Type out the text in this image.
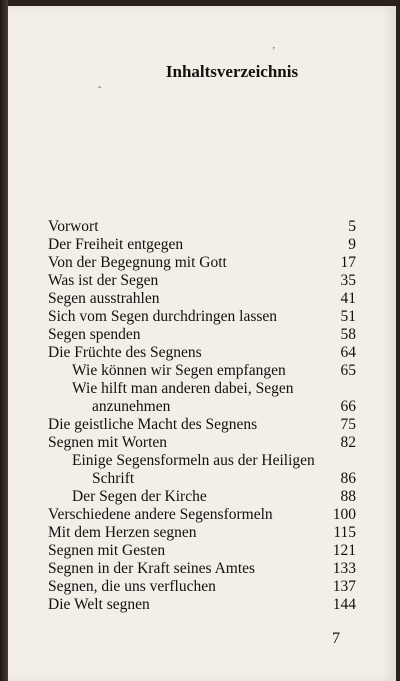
Inhaltsverzeichnis
ʼ
ˆ
Vorwort	5
Der Freiheit entgegen	9
Von der Begegnung mit Gott	17
Was ist der Segen	35
Segen ausstrahlen	41
Sich vom Segen durchdringen lassen	51
Segen spenden	58
Die Früchte des Segnens	64
Wie können wir Segen empfangen	65
Wie hilft man anderen dabei, Segen
anzunehmen	66
Die geistliche Macht des Segnens	75
Segnen mit Worten	82
Einige Segensformeln aus der Heiligen
Schrift	86
Der Segen der Kirche	88
Verschiedene andere Segensformeln	100
Mit dem Herzen segnen	115
Segnen mit Gesten	121
Segnen in der Kraft seines Amtes	133
Segnen, die uns verfluchen	137
Die Welt segnen	144
7
